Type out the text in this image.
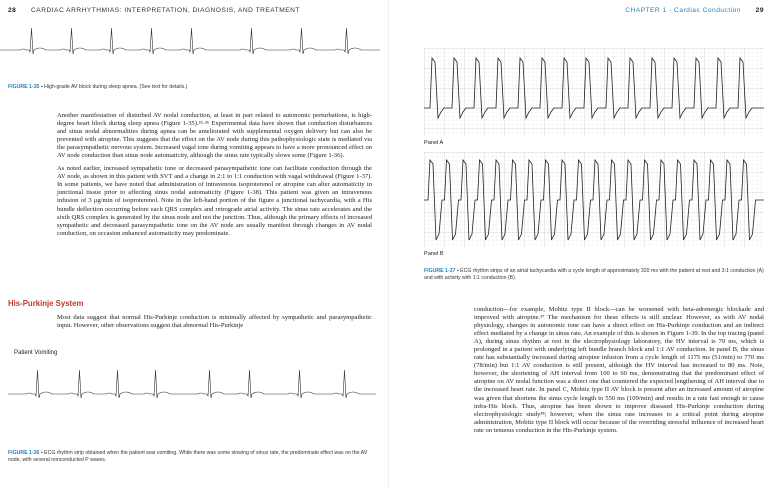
28 CARDIAC ARRHYTHMIAS: INTERPRETATION, DIAGNOSIS, AND TREATMENT
FIGURE 1-35 • High-grade AV block during sleep apnea. (See text for details.)

Another manifestation of disturbed AV nodal conduction, at least in part related to autonomic perturbations, is high-degree heart block during sleep apnea (Figure 1-35).³⁵·³⁶ Experimental data have shown that conduction disturbances and sinus nodal abnormalities during apnea can be ameliorated with supplemental oxygen delivery but can also be prevented with atropine. This suggests that the effect on the AV node during this pathophysiologic state is mediated via the parasympathetic nervous system. Increased vagal tone during vomiting appears to have a more pronounced effect on AV node conduction than sinus node automaticity, although the sinus rate typically slows some (Figure 1-36).

As noted earlier, increased sympathetic tone or decreased parasympathetic tone can facilitate conduction through the AV node, as shown in this patient with SVT and a change in 2:1 to 1:1 conduction with vagal withdrawal (Figure 1-37). In some patients, we have noted that administration of intravenous isoproterenol or atropine can alter automaticity in junctional tissue prior to affecting sinus nodal automaticity (Figure 1-38). This patient was given an intravenous infusion of 3 μg/min of isoproterenol. Note in the left-hand portion of the figure a junctional tachycardia, with a His bundle deflection occurring before each QRS complex and retrograde atrial activity. The sinus rate accelerates and the sixth QRS complex is generated by the sinus node and not the junction. Thus, although the primary effects of increased sympathetic and decreased parasympathetic tone on the AV node are usually manifest through changes in AV nodal conduction, on occasion enhanced automaticity may predominate.

His-Purkinje System

Most data suggest that normal His-Purkinje conduction is minimally affected by sympathetic and parasympathetic input. However, other observations suggest that abnormal His-Purkinje

Patient Vomiting
FIGURE 1-36 • ECG rhythm strip obtained when the patient was vomiting. While there was some slowing of sinus rate, the predominate effect was on the AV node, with several nonconducted P waves.
CHAPTER 1 - Cardiac Conduction 29
Panel A
Panel B
FIGURE 1-37 • ECG rhythm strips of an atrial tachycardia with a cycle length of approximately 320 ms with the patient at rest and 3:1 conduction (A) and with activity with 1:1 conduction (B).

conduction—for example, Mobitz type II block—can be worsened with beta-adrenergic blockade and improved with atropine.³⁷ The mechanism for these effects is still unclear. However, as with AV nodal physiology, changes in autonomic tone can have a direct effect on His-Purkinje conduction and an indirect effect mediated by a change in sinus rate. An example of this is shown in Figure 1-39. In the top tracing (panel A), during sinus rhythm at rest in the electrophysiology laboratory, the HV interval is 70 ms, which is prolonged in a patient with underlying left bundle branch block and 1:1 AV conduction. In panel B, the sinus rate has substantially increased during atropine infusion from a cycle length of 1175 ms (51/min) to 770 ms (78/min) but 1:1 AV conduction is still present, although the HV interval has increased to 80 ms. Note, however, the shortening of AH interval from 100 to 60 ms, demonstrating that the predominant effect of atropine on AV nodal function was a direct one that countered the expected lengthening of AH interval due to the increased heart rate. In panel C, Mobitz type II AV block is present after an increased amount of atropine was given that shortens the sinus cycle length to 550 ms (109/min) and results in a rate fast enough to cause infra-His block. Thus, atropine has been shown to improve diseased His-Purkinje conduction during electrophysiologic study³⁸; however, when the sinus rate increases to a critical point during atropine administration, Mobitz type II block will occur because of the overriding stressful influence of increased heart rate on tenuous conduction in the His-Purkinje system.
